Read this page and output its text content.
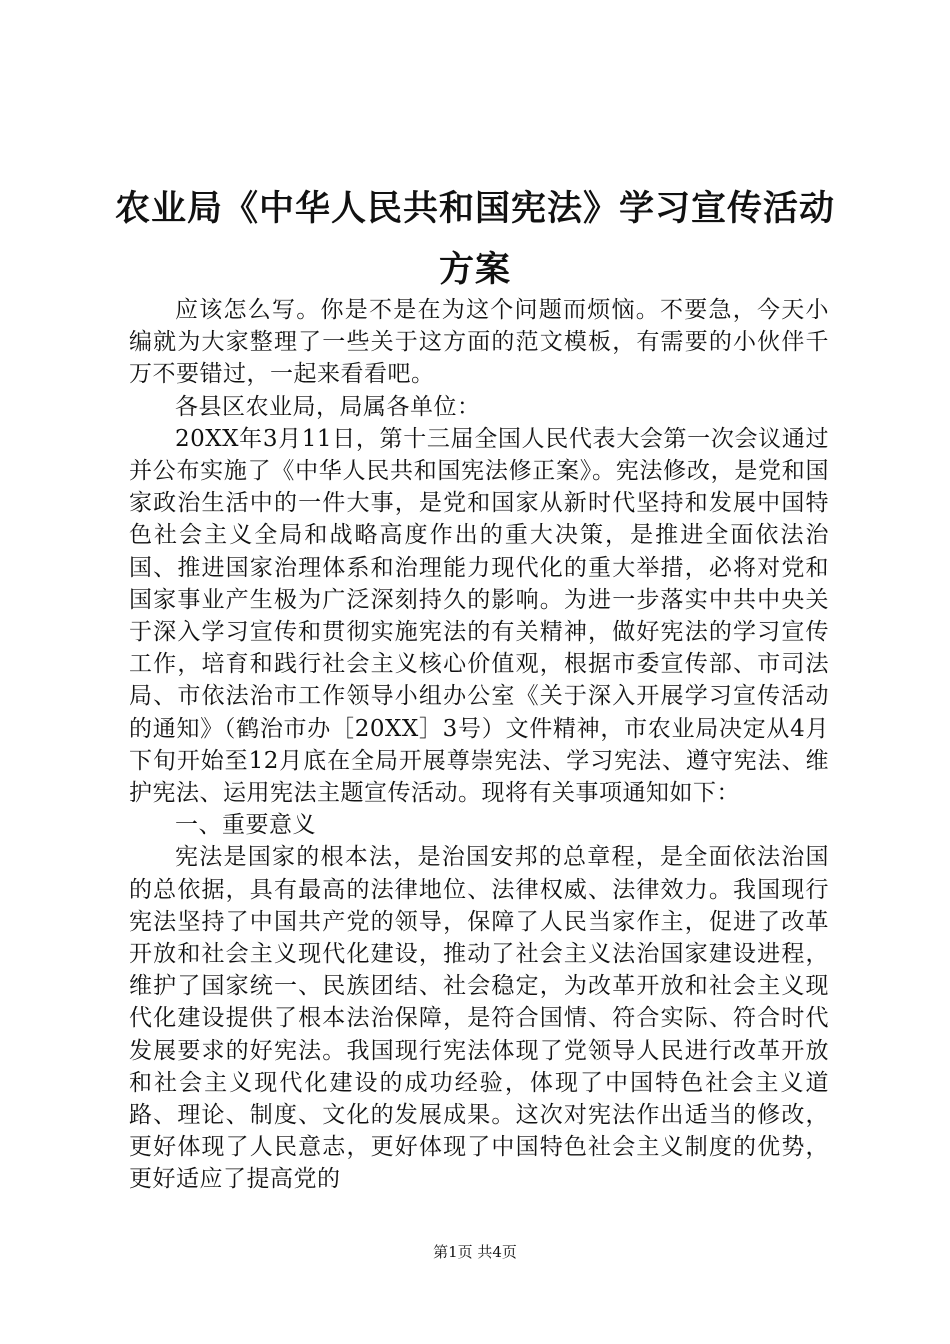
农业局《中华人民共和国宪法》学习宣传活动
方案

应该怎么写。你是不是在为这个问题而烦恼。不要急，今天小编就为大家整理了一些关于这方面的范文模板，有需要的小伙伴千万不要错过，一起来看看吧。

各县区农业局，局属各单位：

20XX年3月11日，第十三届全国人民代表大会第一次会议通过并公布实施了《中华人民共和国宪法修正案》。宪法修改，是党和国家政治生活中的一件大事，是党和国家从新时代坚持和发展中国特色社会主义全局和战略高度作出的重大决策，是推进全面依法治国、推进国家治理体系和治理能力现代化的重大举措，必将对党和国家事业产生极为广泛深刻持久的影响。为进一步落实中共中央关于深入学习宣传和贯彻实施宪法的有关精神，做好宪法的学习宣传工作，培育和践行社会主义核心价值观，根据市委宣传部、市司法局、市依法治市工作领导小组办公室《关于深入开展学习宣传活动的通知》（鹤治市办［20XX］3号）文件精神，市农业局决定从4月下旬开始至12月底在全局开展尊崇宪法、学习宪法、遵守宪法、维护宪法、运用宪法主题宣传活动。现将有关事项通知如下：

一、重要意义

宪法是国家的根本法，是治国安邦的总章程，是全面依法治国的总依据，具有最高的法律地位、法律权威、法律效力。我国现行宪法坚持了中国共产党的领导，保障了人民当家作主，促进了改革开放和社会主义现代化建设，推动了社会主义法治国家建设进程，维护了国家统一、民族团结、社会稳定，为改革开放和社会主义现代化建设提供了根本法治保障，是符合国情、符合实际、符合时代发展要求的好宪法。我国现行宪法体现了党领导人民进行改革开放和社会主义现代化建设的成功经验，体现了中国特色社会主义道路、理论、制度、文化的发展成果。这次对宪法作出适当的修改，更好体现了人民意志，更好体现了中国特色社会主义制度的优势，更好适应了提高党的

第1页 共4页
